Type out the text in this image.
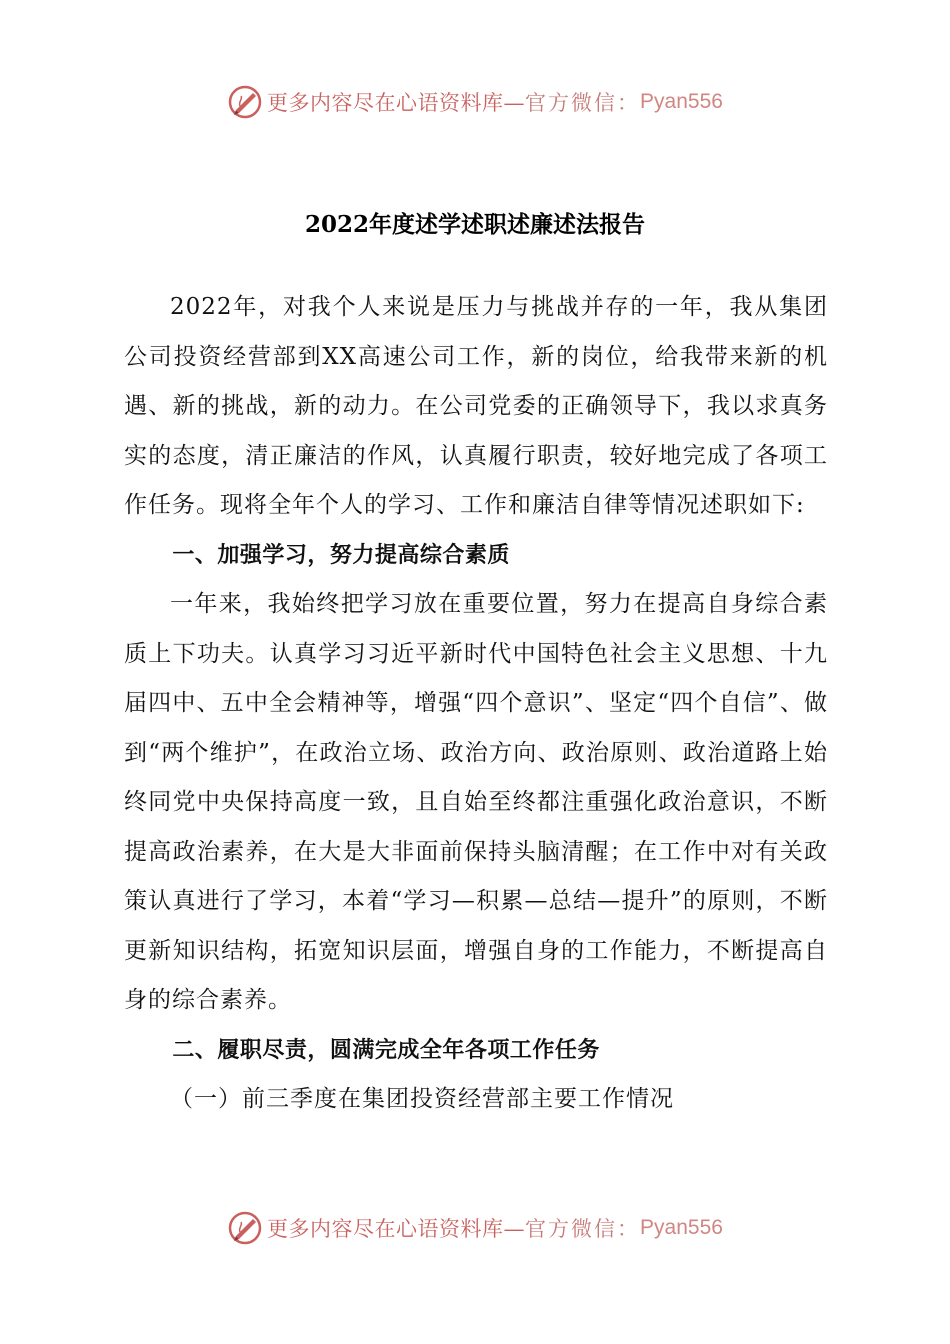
更多内容尽在心语资料库— 官方微信： Pyan556
2022年度述学述职述廉述法报告

2022年，对我个人来说是压力与挑战并存的一年，我从集团公司投资经营部到XX高速公司工作，新的岗位，给我带来新的机遇、新的挑战，新的动力。在公司党委的正确领导下，我以求真务实的态度，清正廉洁的作风，认真履行职责，较好地完成了各项工作任务。现将全年个人的学习、工作和廉洁自律等情况述职如下:

一、加强学习，努力提高综合素质

一年来，我始终把学习放在重要位置，努力在提高自身综合素质上下功夫。认真学习习近平新时代中国特色社会主义思想、十九届四中、五中全会精神等，增强“四个意识”、坚定“四个自信”、做到“两个维护”，在政治立场、政治方向、政治原则、政治道路上始终同党中央保持高度一致，且自始至终都注重强化政治意识，不断提高政治素养，在大是大非面前保持头脑清醒；在工作中对有关政策认真进行了学习，本着“学习—积累—总结—提升”的原则，不断更新知识结构，拓宽知识层面，增强自身的工作能力，不断提高自身的综合素养。

二、履职尽责，圆满完成全年各项工作任务
（一）前三季度在集团投资经营部主要工作情况
更多内容尽在心语资料库— 官方微信： Pyan556
